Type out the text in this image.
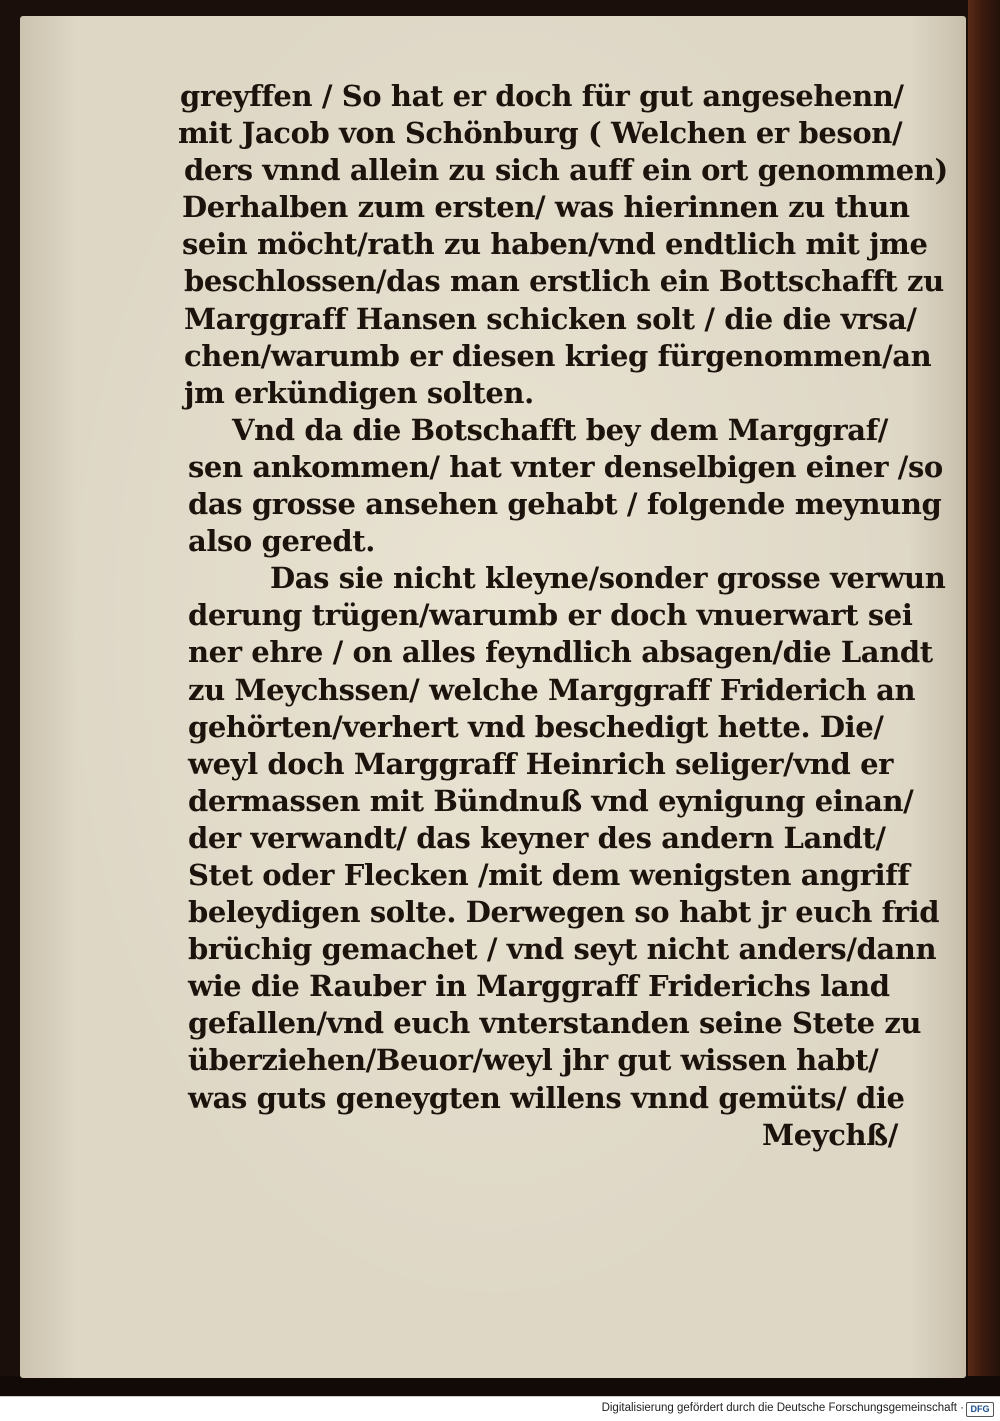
greyffen / So hat er doch für gut angesehenn/
mit Jacob von Schönburg ( Welchen er beson/
ders vnnd allein zu sich auff ein ort genommen)
Derhalben zum ersten/ was hierinnen zu thun
sein möcht/rath zu haben/vnd endtlich mit jme
beschlossen/das man erstlich ein Bottschafft zu
Marggraff Hansen schicken solt / die die vrsa/
chen/warumb er diesen krieg fürgenommen/an
jm erkündigen solten.
Vnd da die Botschafft bey dem Marggraf/
sen ankommen/ hat vnter denselbigen einer /so
das grosse ansehen gehabt / folgende meynung
also geredt.
Das sie nicht kleyne/sonder grosse verwun
derung trügen/warumb er doch vnuerwart sei
ner ehre / on alles feyndlich absagen/die Landt
zu Meychssen/ welche Marggraff Friderich an
gehörten/verhert vnd beschedigt hette. Die/
weyl doch Marggraff Heinrich seliger/vnd er
dermassen mit Bündnuß vnd eynigung einan/
der verwandt/ das keyner des andern Landt/
Stet oder Flecken /mit dem wenigsten angriff
beleydigen solte. Derwegen so habt jr euch frid
brüchig gemachet / vnd seyt nicht anders/dann
wie die Rauber in Marggraff Friderichs land
gefallen/vnd euch vnterstanden seine Stete zu
überziehen/Beuor/weyl jhr gut wissen habt/
was guts geneygten willens vnnd gemüts/ die
Meychß/
Digitalisierung gefördert durch die Deutsche Forschungsgemeinschaft · DFG
